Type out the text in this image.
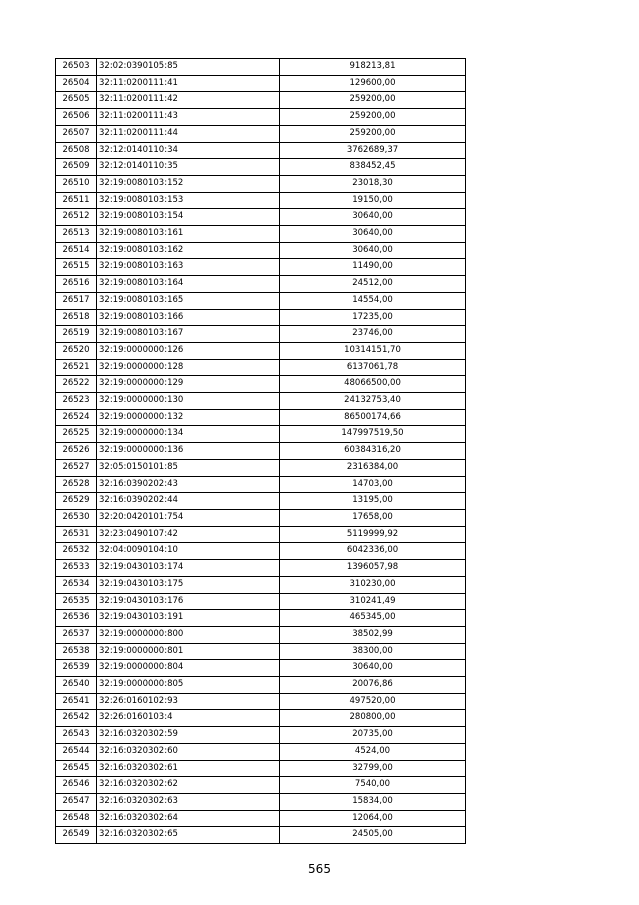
26503	32:02:0390105:85	918213,81
26504	32:11:0200111:41	129600,00
26505	32:11:0200111:42	259200,00
26506	32:11:0200111:43	259200,00
26507	32:11:0200111:44	259200,00
26508	32:12:0140110:34	3762689,37
26509	32:12:0140110:35	838452,45
26510	32:19:0080103:152	23018,30
26511	32:19:0080103:153	19150,00
26512	32:19:0080103:154	30640,00
26513	32:19:0080103:161	30640,00
26514	32:19:0080103:162	30640,00
26515	32:19:0080103:163	11490,00
26516	32:19:0080103:164	24512,00
26517	32:19:0080103:165	14554,00
26518	32:19:0080103:166	17235,00
26519	32:19:0080103:167	23746,00
26520	32:19:0000000:126	10314151,70
26521	32:19:0000000:128	6137061,78
26522	32:19:0000000:129	48066500,00
26523	32:19:0000000:130	24132753,40
26524	32:19:0000000:132	86500174,66
26525	32:19:0000000:134	147997519,50
26526	32:19:0000000:136	60384316,20
26527	32:05:0150101:85	2316384,00
26528	32:16:0390202:43	14703,00
26529	32:16:0390202:44	13195,00
26530	32:20:0420101:754	17658,00
26531	32:23:0490107:42	5119999,92
26532	32:04:0090104:10	6042336,00
26533	32:19:0430103:174	1396057,98
26534	32:19:0430103:175	310230,00
26535	32:19:0430103:176	310241,49
26536	32:19:0430103:191	465345,00
26537	32:19:0000000:800	38502,99
26538	32:19:0000000:801	38300,00
26539	32:19:0000000:804	30640,00
26540	32:19:0000000:805	20076,86
26541	32:26:0160102:93	497520,00
26542	32:26:0160103:4	280800,00
26543	32:16:0320302:59	20735,00
26544	32:16:0320302:60	4524,00
26545	32:16:0320302:61	32799,00
26546	32:16:0320302:62	7540,00
26547	32:16:0320302:63	15834,00
26548	32:16:0320302:64	12064,00
26549	32:16:0320302:65	24505,00
565
